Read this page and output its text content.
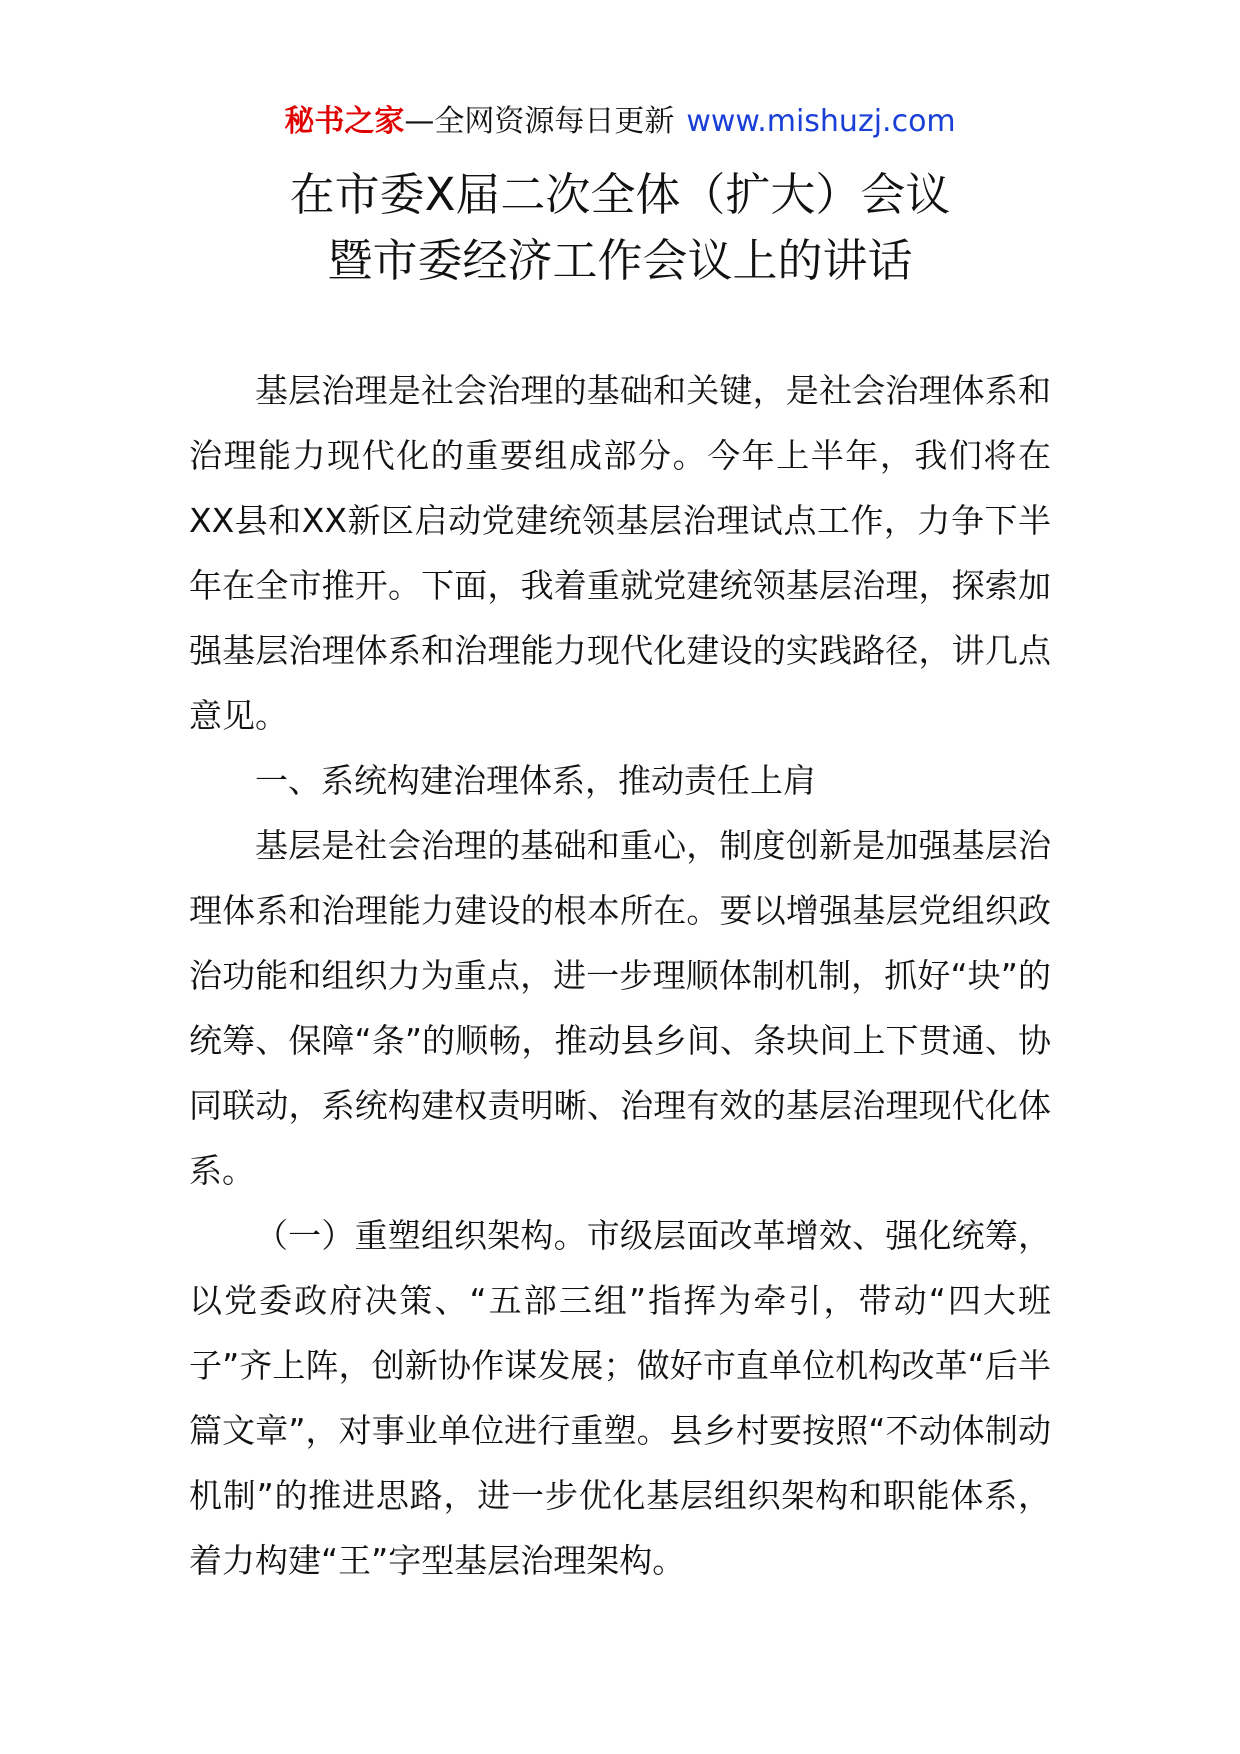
秘书之家—全网资源每日更新 www.mishuzj.com
在市委Ⅹ届二次全体（扩大）会议
暨市委经济工作会议上的讲话

基层治理是社会治理的基础和关键，是社会治理体系和治理能力现代化的重要组成部分。今年上半年，我们将在XX县和XX新区启动党建统领基层治理试点工作，力争下半年在全市推开。下面，我着重就党建统领基层治理，探索加强基层治理体系和治理能力现代化建设的实践路径，讲几点意见。

一、系统构建治理体系，推动责任上肩

基层是社会治理的基础和重心，制度创新是加强基层治理体系和治理能力建设的根本所在。要以增强基层党组织政治功能和组织力为重点，进一步理顺体制机制，抓好“块”的统筹、保障“条”的顺畅，推动县乡间、条块间上下贯通、协同联动，系统构建权责明晰、治理有效的基层治理现代化体系。

（一）重塑组织架构。市级层面改革增效、强化统筹，以党委政府决策、“五部三组”指挥为牵引，带动“四大班子”齐上阵，创新协作谋发展；做好市直单位机构改革“后半篇文章”，对事业单位进行重塑。县乡村要按照“不动体制动机制”的推进思路，进一步优化基层组织架构和职能体系，着力构建“王”字型基层治理架构。
